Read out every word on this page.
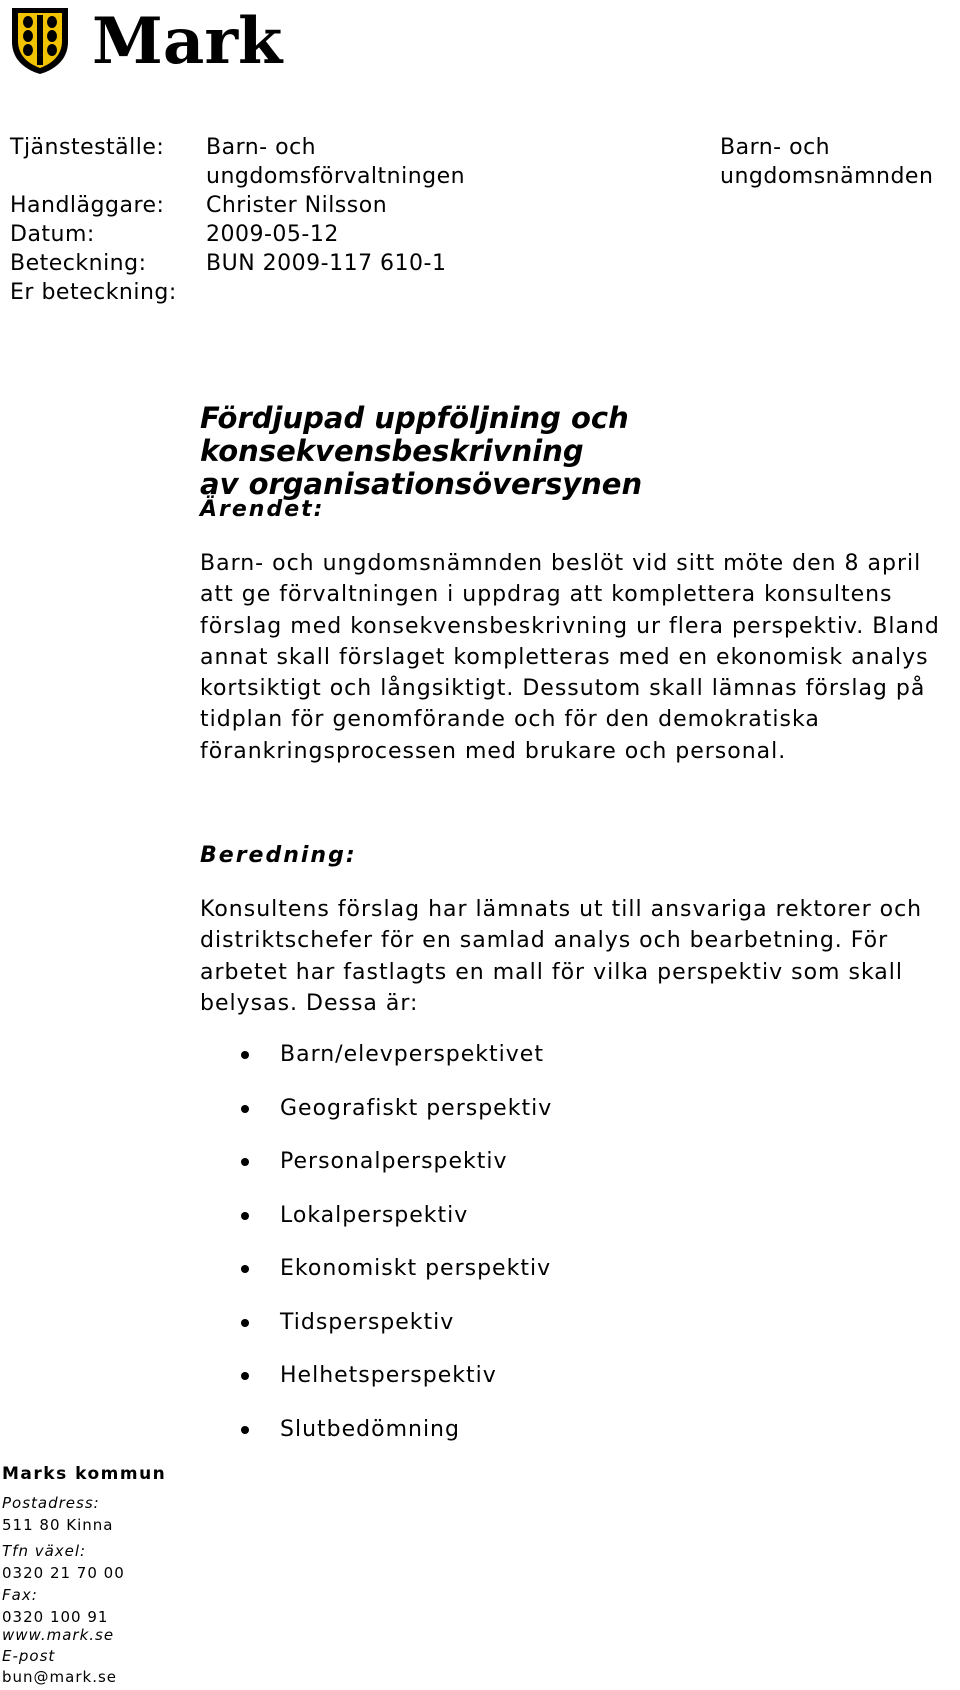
Mark
Tjänsteställe: Barn- och
ungdomsförvaltningen
Handläggare: Christer Nilsson
Datum:	2009-05-12
Beteckning:	BUN 2009-117 610-1
Er beteckning:
Barn- och
ungdomsnämnden
Fördjupad uppföljning och konsekvensbeskrivning
av organisationsöversynen
Ärendet:
Barn- och ungdomsnämnden beslöt vid sitt möte den 8 april
att ge förvaltningen i uppdrag att komplettera konsultens
förslag med konsekvensbeskrivning ur flera perspektiv. Bland
annat skall förslaget kompletteras med en ekonomisk analys
kortsiktigt och långsiktigt. Dessutom skall lämnas förslag på
tidplan för genomförande och för den demokratiska
förankringsprocessen med brukare och personal.
Beredning:
Konsultens förslag har lämnats ut till ansvariga rektorer och
distriktschefer för en samlad analys och bearbetning. För
arbetet har fastlagts en mall för vilka perspektiv som skall
belysas. Dessa är:
Barn/elevperspektivet
Geografiskt perspektiv
Personalperspektiv
Lokalperspektiv
Ekonomiskt perspektiv
Tidsperspektiv
Helhetsperspektiv
Slutbedömning
Marks kommun
Postadress:
511 80 Kinna
Tfn växel:
0320 21 70 00
Fax:
0320 100 91
www.mark.se
E-post
bun@mark.se
